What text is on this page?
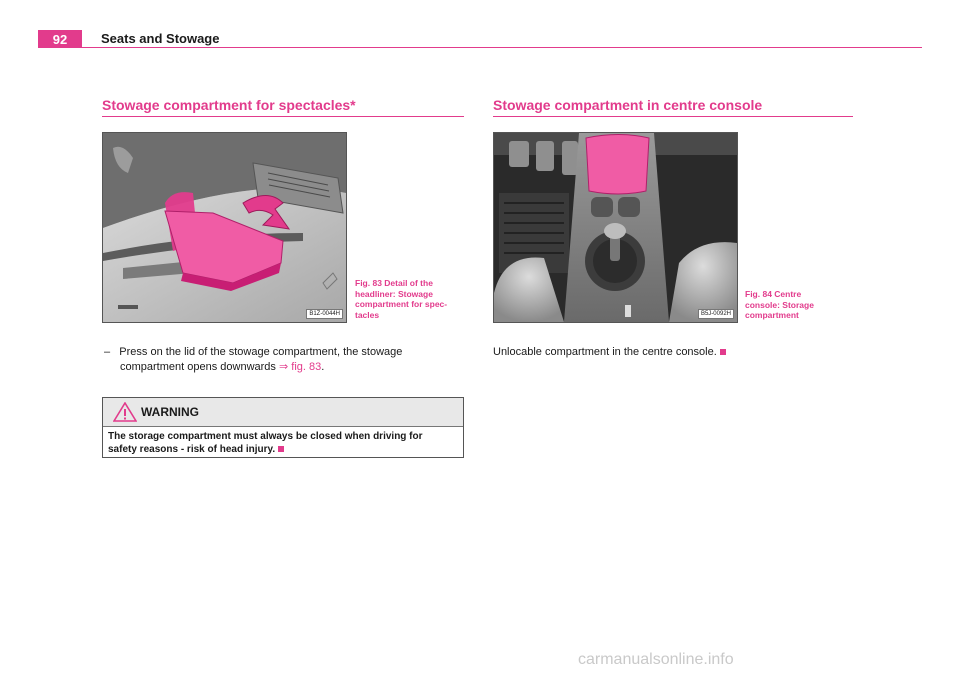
92	Seats and Stowage
Stowage compartment for spectacles*
B1Z-0044H
Fig. 83 Detail of the
headliner: Stowage
compartment for spec-
tacles
– Press on the lid of the stowage compartment, the stowage
compartment opens downwards ⇒ fig. 83.
WARNING
The storage compartment must always be closed when driving for
safety reasons - risk of head injury.
Stowage compartment in centre console
B5J-0092H
Fig. 84 Centre
console: Storage
compartment
Unlocable compartment in the centre console.
carmanualsonline.info
